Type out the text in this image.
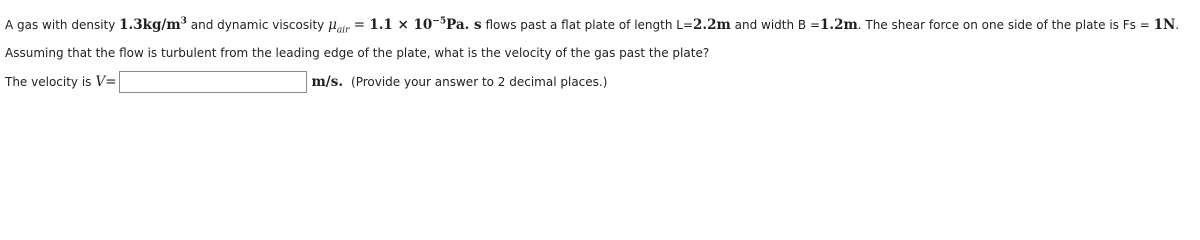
A gas with density $1.3kg/m^3$ and dynamic viscosity $\mu_{air} = 1.1 \times 10^{-5}Pa$. s flows past a flat plate of length L=2.2m and width B =1.2m. The shear force on one side of the plate is Fs = 1N.
Assuming that the flow is turbulent from the leading edge of the plate, what is the velocity of the gas past the plate?
The velocity is V =	m/s. (Provide your answer to 2 decimal places.)
